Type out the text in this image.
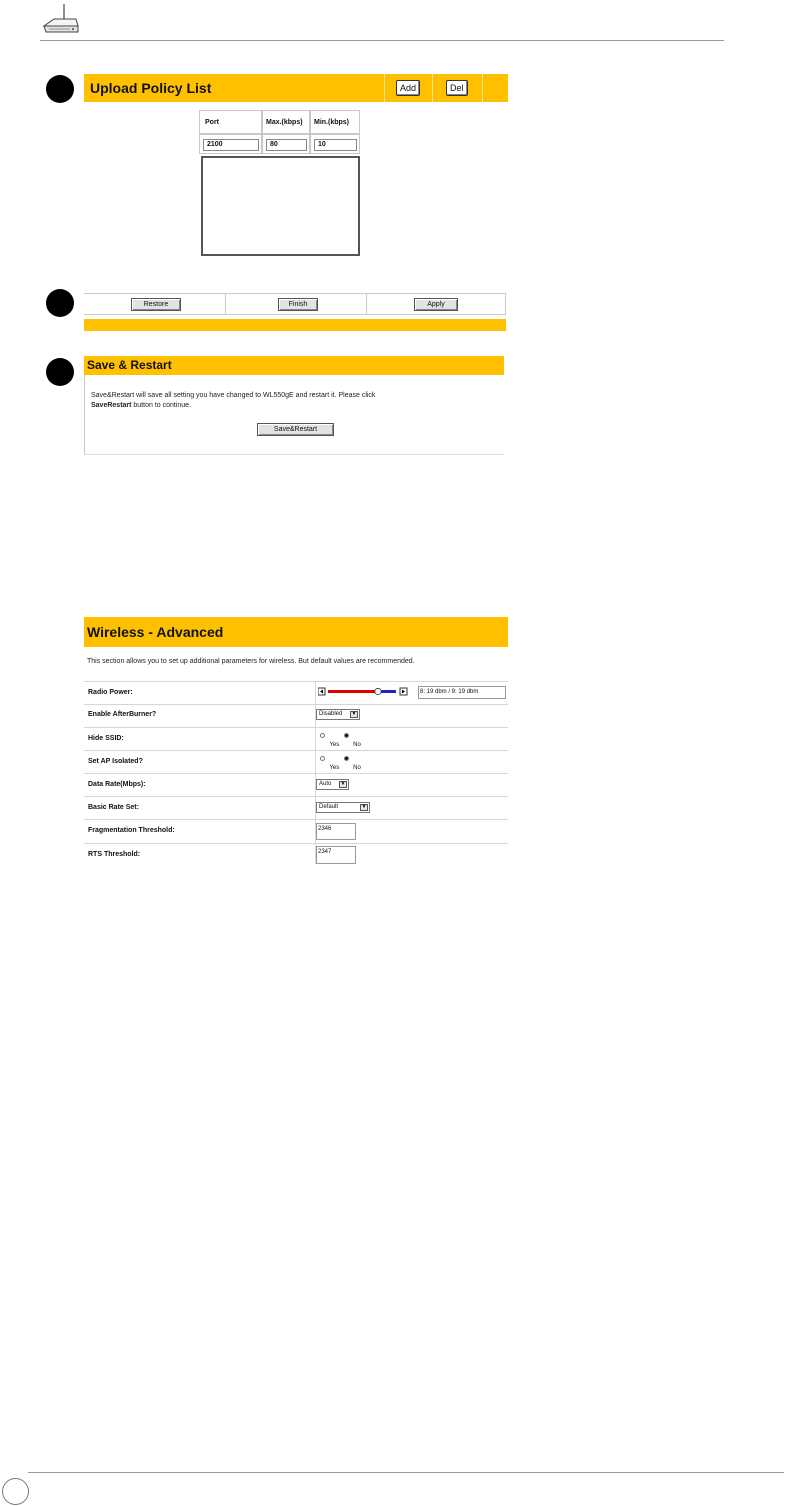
Upload Policy List	Add	Del
Port	Max.(kbps) Min.(kbps)
2100	80	10
Restore	Finish	Apply
Save & Restart
Save&Restart will save all setting you have changed to WL550gE and restart it. Please click
SaveRestart button to continue.
Save&Restart
Wireless - Advanced
This section allows you to set up additional parameters for wireless. But default values are recommended.
Radio Power:	8: 19 dbm / 9: 19 dbm
Enable AfterBurner?	Disabled	▼
Hide SSID:
Yes No
Set AP Isolated?
Yes No
Data Rate(Mbps):	Auto	▼
Basic Rate Set:	Default	▼
Fragmentation Threshold:	2346
RTS Threshold:	2347
